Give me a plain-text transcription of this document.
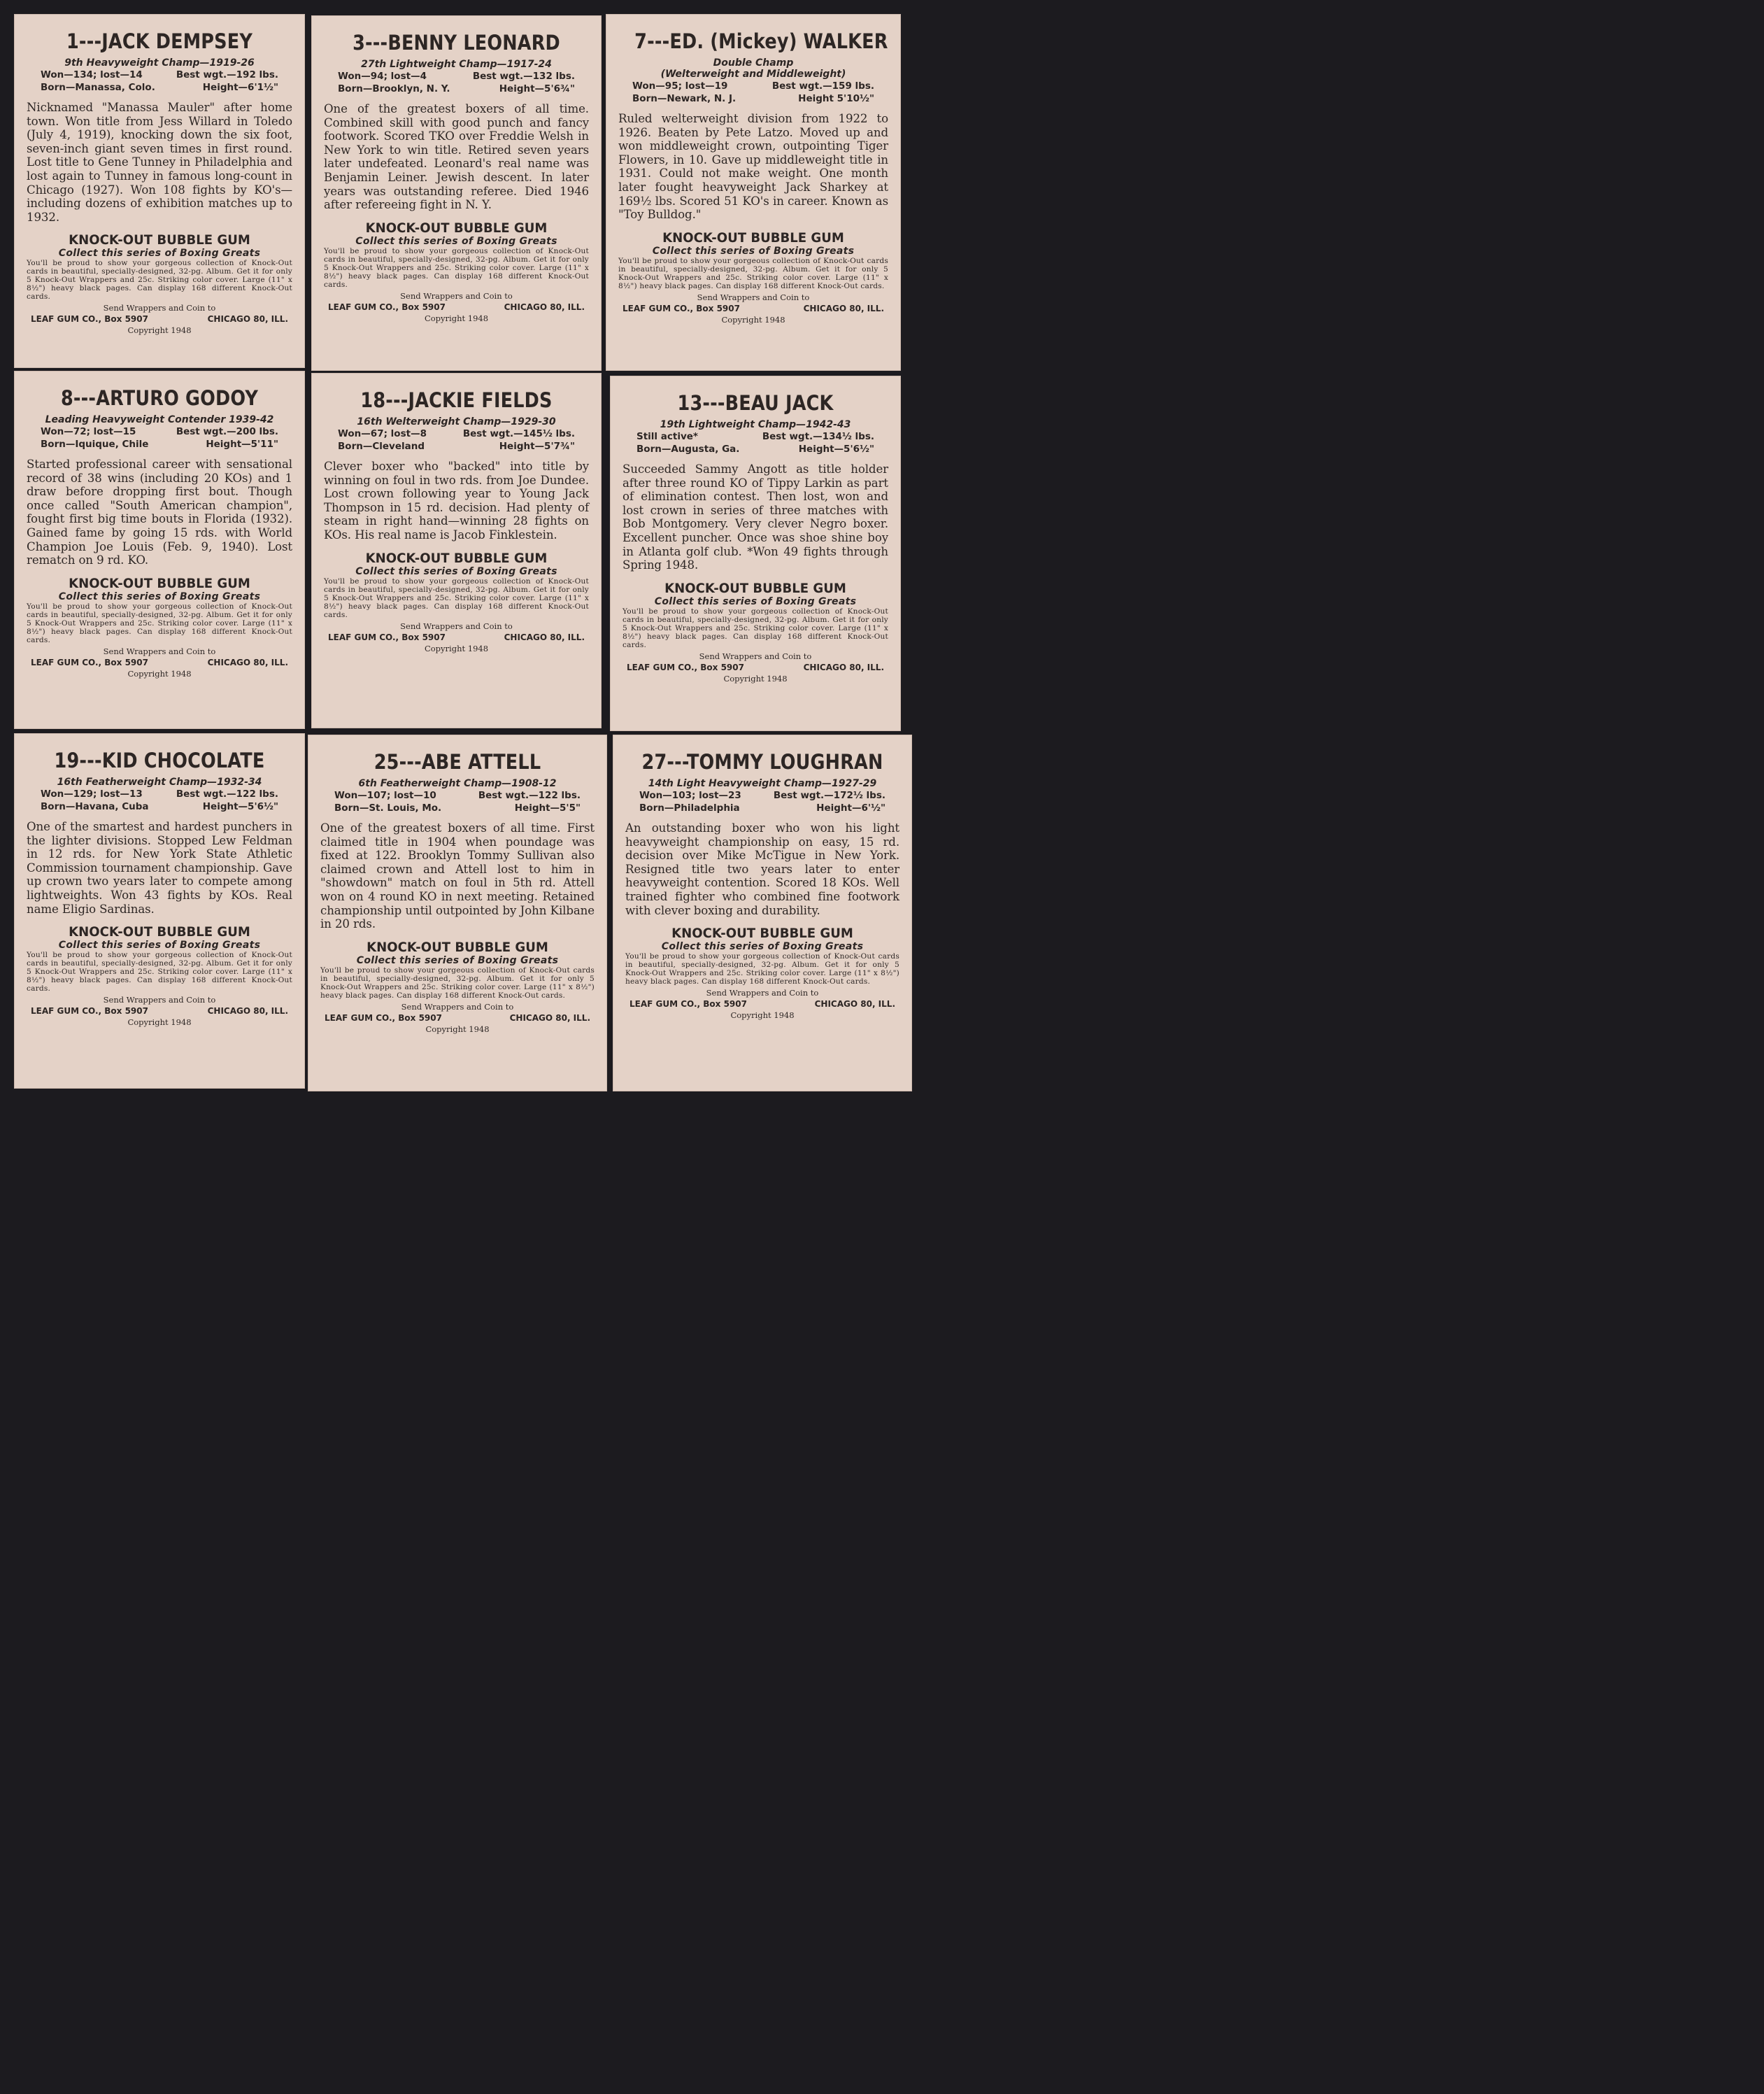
1---JACK DEMPSEY
9th Heavyweight Champ—1919-26
Won—134; lost—14	Best wgt.—192 lbs.
Born—Manassa, Colo.	Height—6'1½"
Nicknamed "Manassa Mauler" after home town. Won title from Jess Willard in Toledo (July 4, 1919), knocking down the six foot, seven-inch giant seven times in first round. Lost title to Gene Tunney in Philadelphia and lost again to Tunney in famous long-count in Chicago (1927). Won 108 fights by KO's—including dozens of exhibition matches up to 1932.
KNOCK-OUT BUBBLE GUM
Collect this series of Boxing Greats
You'll be proud to show your gorgeous collection of Knock-Out cards in beautiful, specially-designed, 32-pg. Album. Get it for only 5 Knock-Out Wrappers and 25c. Striking color cover. Large (11" x 8½") heavy black pages. Can display 168 different Knock-Out cards.
Send Wrappers and Coin to
LEAF GUM CO., Box 5907	CHICAGO 80, ILL.
Copyright 1948
3---BENNY LEONARD
27th Lightweight Champ—1917-24
Won—94; lost—4	Best wgt.—132 lbs.
Born—Brooklyn, N. Y.	Height—5'6¾"
One of the greatest boxers of all time. Combined skill with good punch and fancy footwork. Scored TKO over Freddie Welsh in New York to win title. Retired seven years later undefeated. Leonard's real name was Benjamin Leiner. Jewish descent. In later years was outstanding referee. Died 1946 after refereeing fight in N. Y.
KNOCK-OUT BUBBLE GUM
Collect this series of Boxing Greats
You'll be proud to show your gorgeous collection of Knock-Out cards in beautiful, specially-designed, 32-pg. Album. Get it for only 5 Knock-Out Wrappers and 25c. Striking color cover. Large (11" x 8½") heavy black pages. Can display 168 different Knock-Out cards.
Send Wrappers and Coin to
LEAF GUM CO., Box 5907	CHICAGO 80, ILL.
Copyright 1948
7---ED. (Mickey) WALKER
Double Champ
(Welterweight and Middleweight)
Won—95; lost—19	Best wgt.—159 lbs.
Born—Newark, N. J.	Height 5'10½"
Ruled welterweight division from 1922 to 1926. Beaten by Pete Latzo. Moved up and won middleweight crown, outpointing Tiger Flowers, in 10. Gave up middleweight title in 1931. Could not make weight. One month later fought heavyweight Jack Sharkey at 169½ lbs. Scored 51 KO's in career. Known as "Toy Bulldog."
KNOCK-OUT BUBBLE GUM
Collect this series of Boxing Greats
You'll be proud to show your gorgeous collection of Knock-Out cards in beautiful, specially-designed, 32-pg. Album. Get it for only 5 Knock-Out Wrappers and 25c. Striking color cover. Large (11" x 8½") heavy black pages. Can display 168 different Knock-Out cards.
Send Wrappers and Coin to
LEAF GUM CO., Box 5907	CHICAGO 80, ILL.
Copyright 1948
8---ARTURO GODOY
Leading Heavyweight Contender 1939-42
Won—72; lost—15	Best wgt.—200 lbs.
Born—Iquique, Chile	Height—5'11"
Started professional career with sensational record of 38 wins (including 20 KOs) and 1 draw before dropping first bout. Though once called "South American champion", fought first big time bouts in Florida (1932). Gained fame by going 15 rds. with World Champion Joe Louis (Feb. 9, 1940). Lost rematch on 9 rd. KO.
KNOCK-OUT BUBBLE GUM
Collect this series of Boxing Greats
You'll be proud to show your gorgeous collection of Knock-Out cards in beautiful, specially-designed, 32-pg. Album. Get it for only 5 Knock-Out Wrappers and 25c. Striking color cover. Large (11" x 8½") heavy black pages. Can display 168 different Knock-Out cards.
Send Wrappers and Coin to
LEAF GUM CO., Box 5907	CHICAGO 80, ILL.
Copyright 1948
18---JACKIE FIELDS
16th Welterweight Champ—1929-30
Won—67; lost—8	Best wgt.—145½ lbs.
Born—Cleveland	Height—5'7¾"
Clever boxer who "backed" into title by winning on foul in two rds. from Joe Dundee. Lost crown following year to Young Jack Thompson in 15 rd. decision. Had plenty of steam in right hand—winning 28 fights on KOs. His real name is Jacob Finklestein.
KNOCK-OUT BUBBLE GUM
Collect this series of Boxing Greats
You'll be proud to show your gorgeous collection of Knock-Out cards in beautiful, specially-designed, 32-pg. Album. Get it for only 5 Knock-Out Wrappers and 25c. Striking color cover. Large (11" x 8½") heavy black pages. Can display 168 different Knock-Out cards.
Send Wrappers and Coin to
LEAF GUM CO., Box 5907	CHICAGO 80, ILL.
Copyright 1948
13---BEAU JACK
19th Lightweight Champ—1942-43
Still active*	Best wgt.—134½ lbs.
Born—Augusta, Ga.	Height—5'6½"
Succeeded Sammy Angott as title holder after three round KO of Tippy Larkin as part of elimination contest. Then lost, won and lost crown in series of three matches with Bob Montgomery. Very clever Negro boxer. Excellent puncher. Once was shoe shine boy in Atlanta golf club. *Won 49 fights through Spring 1948.
KNOCK-OUT BUBBLE GUM
Collect this series of Boxing Greats
You'll be proud to show your gorgeous collection of Knock-Out cards in beautiful, specially-designed, 32-pg. Album. Get it for only 5 Knock-Out Wrappers and 25c. Striking color cover. Large (11" x 8½") heavy black pages. Can display 168 different Knock-Out cards.
Send Wrappers and Coin to
LEAF GUM CO., Box 5907	CHICAGO 80, ILL.
Copyright 1948
19---KID CHOCOLATE
16th Featherweight Champ—1932-34
Won—129; lost—13	Best wgt.—122 lbs.
Born—Havana, Cuba	Height—5'6½"
One of the smartest and hardest punchers in the lighter divisions. Stopped Lew Feldman in 12 rds. for New York State Athletic Commission tournament championship. Gave up crown two years later to compete among lightweights. Won 43 fights by KOs. Real name Eligio Sardinas.
KNOCK-OUT BUBBLE GUM
Collect this series of Boxing Greats
You'll be proud to show your gorgeous collection of Knock-Out cards in beautiful, specially-designed, 32-pg. Album. Get it for only 5 Knock-Out Wrappers and 25c. Striking color cover. Large (11" x 8½") heavy black pages. Can display 168 different Knock-Out cards.
Send Wrappers and Coin to
LEAF GUM CO., Box 5907	CHICAGO 80, ILL.
Copyright 1948
25---ABE ATTELL
6th Featherweight Champ—1908-12
Won—107; lost—10	Best wgt.—122 lbs.
Born—St. Louis, Mo.	Height—5'5"
One of the greatest boxers of all time. First claimed title in 1904 when poundage was fixed at 122. Brooklyn Tommy Sullivan also claimed crown and Attell lost to him in "showdown" match on foul in 5th rd. Attell won on 4 round KO in next meeting. Retained championship until outpointed by John Kilbane in 20 rds.
KNOCK-OUT BUBBLE GUM
Collect this series of Boxing Greats
You'll be proud to show your gorgeous collection of Knock-Out cards in beautiful, specially-designed, 32-pg. Album. Get it for only 5 Knock-Out Wrappers and 25c. Striking color cover. Large (11" x 8½") heavy black pages. Can display 168 different Knock-Out cards.
Send Wrappers and Coin to
LEAF GUM CO., Box 5907	CHICAGO 80, ILL.
Copyright 1948
27---TOMMY LOUGHRAN
14th Light Heavyweight Champ—1927-29
Won—103; lost—23	Best wgt.—172½ lbs.
Born—Philadelphia	Height—6'½"
An outstanding boxer who won his light heavyweight championship on easy, 15 rd. decision over Mike McTigue in New York. Resigned title two years later to enter heavyweight contention. Scored 18 KOs. Well trained fighter who combined fine footwork with clever boxing and durability.
KNOCK-OUT BUBBLE GUM
Collect this series of Boxing Greats
You'll be proud to show your gorgeous collection of Knock-Out cards in beautiful, specially-designed, 32-pg. Album. Get it for only 5 Knock-Out Wrappers and 25c. Striking color cover. Large (11" x 8½") heavy black pages. Can display 168 different Knock-Out cards.
Send Wrappers and Coin to
LEAF GUM CO., Box 5907	CHICAGO 80, ILL.
Copyright 1948
